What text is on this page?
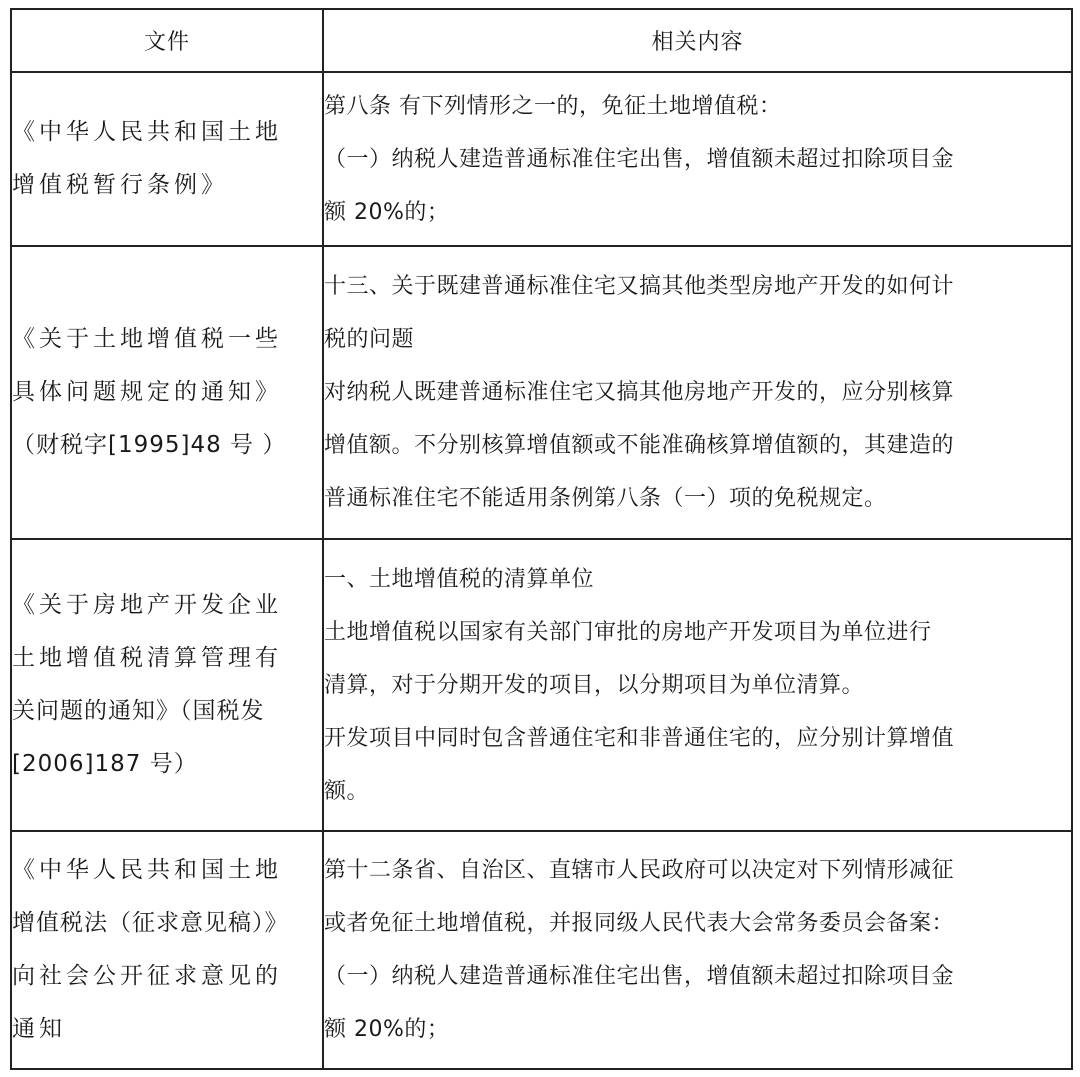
文件	相关内容

《中华人民共和国土地
增值税暂行条例》	第八条 有下列情形之一的，免征土地增值税：
（一）纳税人建造普通标准住宅出售，增值额未超过扣除项目金
额 20%的；

《关于土地增值税一些
具体问题规定的通知》
（财税字[1995]48 号 ）	十三、关于既建普通标准住宅又搞其他类型房地产开发的如何计
税的问题
对纳税人既建普通标准住宅又搞其他房地产开发的，应分别核算
增值额。不分别核算增值额或不能准确核算增值额的，其建造的
普通标准住宅不能适用条例第八条（一）项的免税规定。

《关于房地产开发企业
土地增值税清算管理有
关问题的通知》（国税发
[2006]187 号）	一、土地增值税的清算单位
土地增值税以国家有关部门审批的房地产开发项目为单位进行
清算，对于分期开发的项目，以分期项目为单位清算。
开发项目中同时包含普通住宅和非普通住宅的，应分别计算增值
额。

《中华人民共和国土地
增值税法（征求意见稿）》
向社会公开征求意见的
通知	第十二条省、自治区、直辖市人民政府可以决定对下列情形减征
或者免征土地增值税，并报同级人民代表大会常务委员会备案：
（一）纳税人建造普通标准住宅出售，增值额未超过扣除项目金
额 20%的；
